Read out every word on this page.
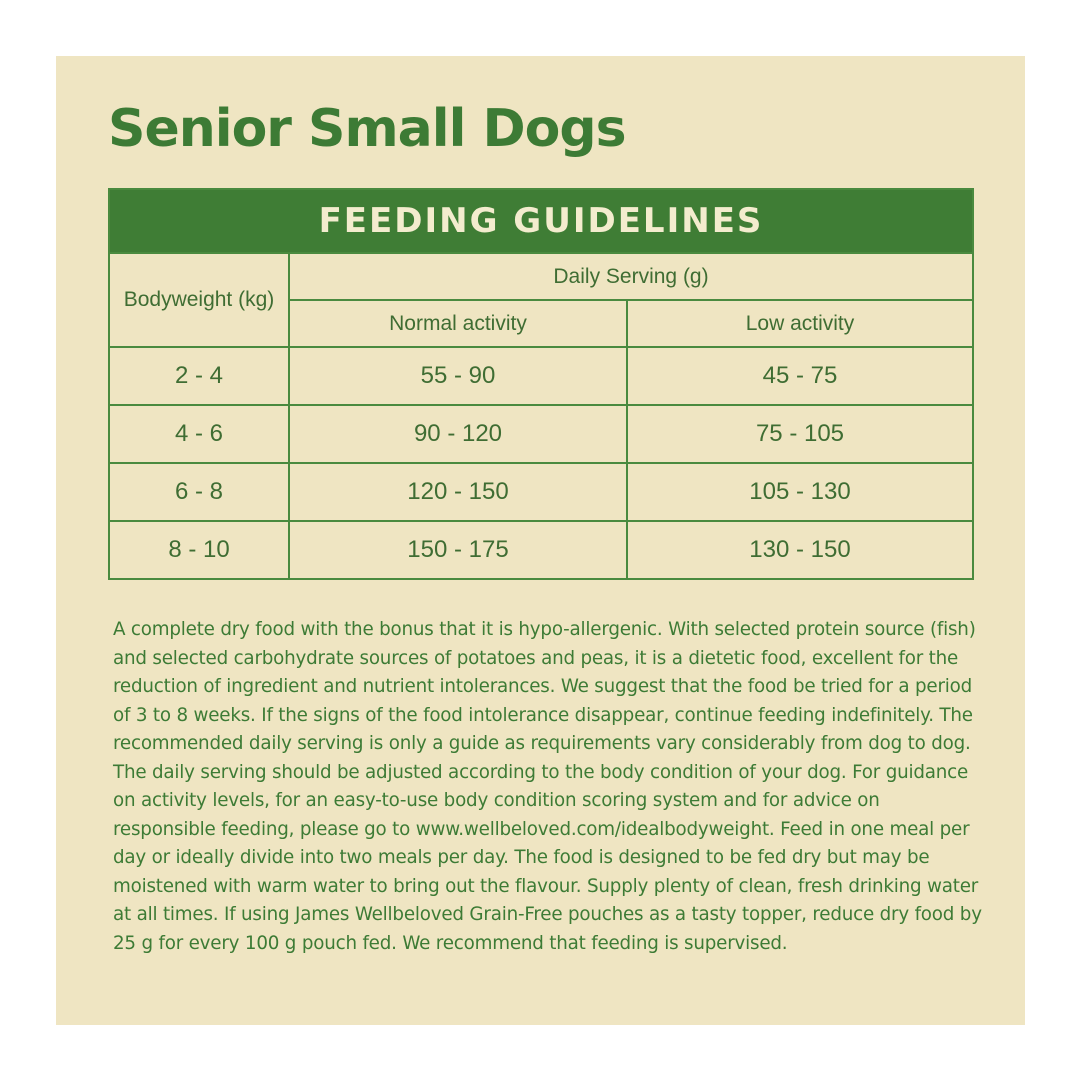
Senior Small Dogs
FEEDING GUIDELINES		
Bodyweight (kg)	Daily Serving (g)	
	Normal activity	Low activity
2 - 4	55 - 90	45 - 75
4 - 6	90 - 120	75 - 105
6 - 8	120 - 150	105 - 130
8 - 10	150 - 175	130 - 150

A complete dry food with the bonus that it is hypo-allergenic. With selected protein source (fish) and selected carbohydrate sources of potatoes and peas, it is a dietetic food, excellent for the reduction of ingredient and nutrient intolerances. We suggest that the food be tried for a period of 3 to 8 weeks. If the signs of the food intolerance disappear, continue feeding indefinitely. The recommended daily serving is only a guide as requirements vary considerably from dog to dog. The daily serving should be adjusted according to the body condition of your dog. For guidance on activity levels, for an easy-to-use body condition scoring system and for advice on responsible feeding, please go to www.wellbeloved.com/idealbodyweight. Feed in one meal per day or ideally divide into two meals per day. The food is designed to be fed dry but may be moistened with warm water to bring out the flavour. Supply plenty of clean, fresh drinking water at all times. If using James Wellbeloved Grain-Free pouches as a tasty topper, reduce dry food by 25 g for every 100 g pouch fed. We recommend that feeding is supervised.
